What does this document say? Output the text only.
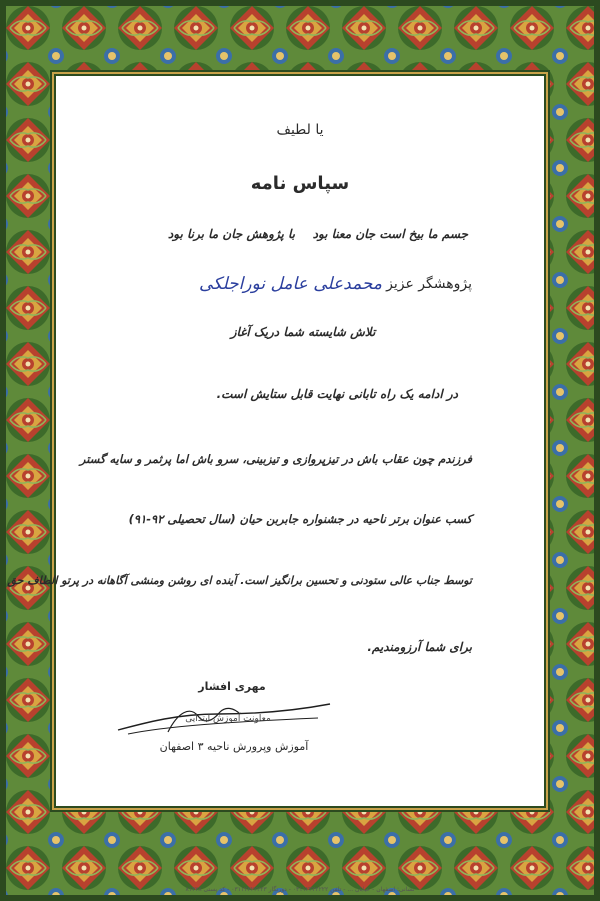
یا لطیف
سپاس نامه
جسم ما بیخ است جان معنا بود
با پژوهش جان ما برنا بود
پژوهشگر عزیز
محمدعلی عامل نوراجلکی
تلاش شایسته شما دریک آغاز
در ادامه یک راه تابانی نهایت قابل ستایش است.
فرزندم چون عقاب باش در تیزپروازی و تیزبینی، سرو باش اما پرثمر و سایه گستر
کسب عنوان برتر ناحیه در جشنواره جابربن حیان (سال تحصیلی ۹۲-۹۱)
توسط جناب عالی ستودنی و تحسین برانگیز است. آینده ای روشن ومنشی آگاهانه در پرتو الطاف حق
برای شما آرزومندیم.
مهری افشار
معاونت آموزش ابتدایی
آموزش وپرورش ناحیه ۳ اصفهان
نشانی: اصفهان - خیابان ... - تلفن ۰۳۱۱۲۲۲۲۲۲۲ - دورنگار ۰۳۱۱۲۲۲۲۲۲۳ - کد پستی ۸۱۴۳۸
